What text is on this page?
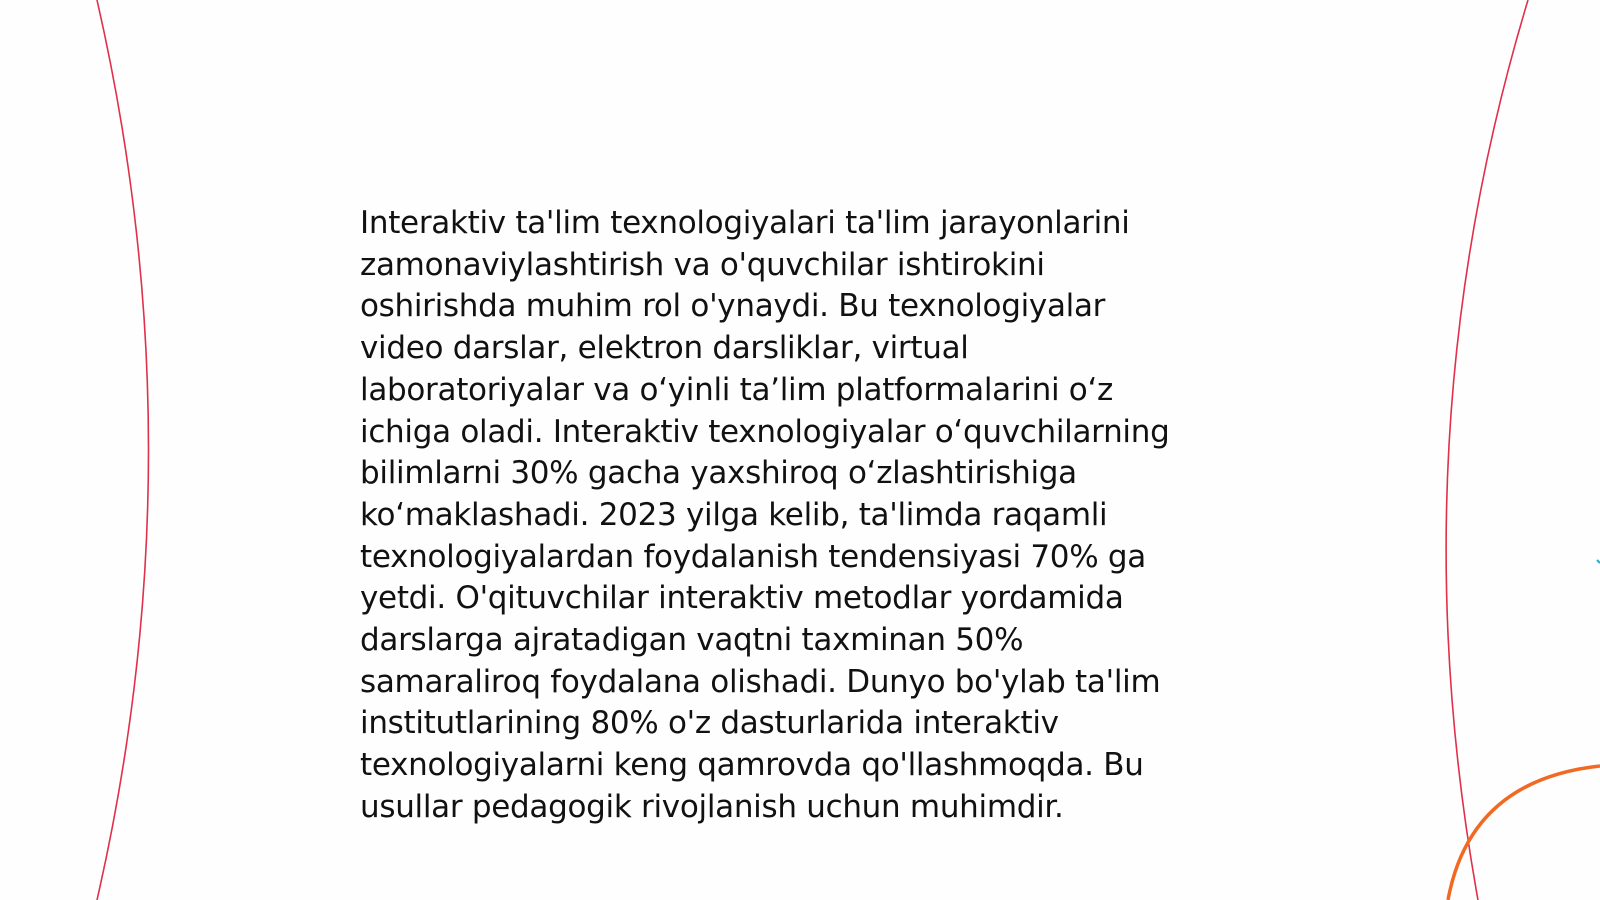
Interaktiv ta'lim texnologiyalari ta'lim jarayonlarini
zamonaviylashtirish va o'quvchilar ishtirokini
oshirishda muhim rol o'ynaydi. Bu texnologiyalar
video darslar, elektron darsliklar, virtual
laboratoriyalar va oʻyinli taʼlim platformalarini oʻz
ichiga oladi. Interaktiv texnologiyalar oʻquvchilarning
bilimlarni 30% gacha yaxshiroq oʻzlashtirishiga
koʻmaklashadi. 2023 yilga kelib, ta'limda raqamli
texnologiyalardan foydalanish tendensiyasi 70% ga
yetdi. O'qituvchilar interaktiv metodlar yordamida
darslarga ajratadigan vaqtni taxminan 50%
samaraliroq foydalana olishadi. Dunyo bo'ylab ta'lim
institutlarining 80% o'z dasturlarida interaktiv
texnologiyalarni keng qamrovda qo'llashmoqda. Bu
usullar pedagogik rivojlanish uchun muhimdir.
